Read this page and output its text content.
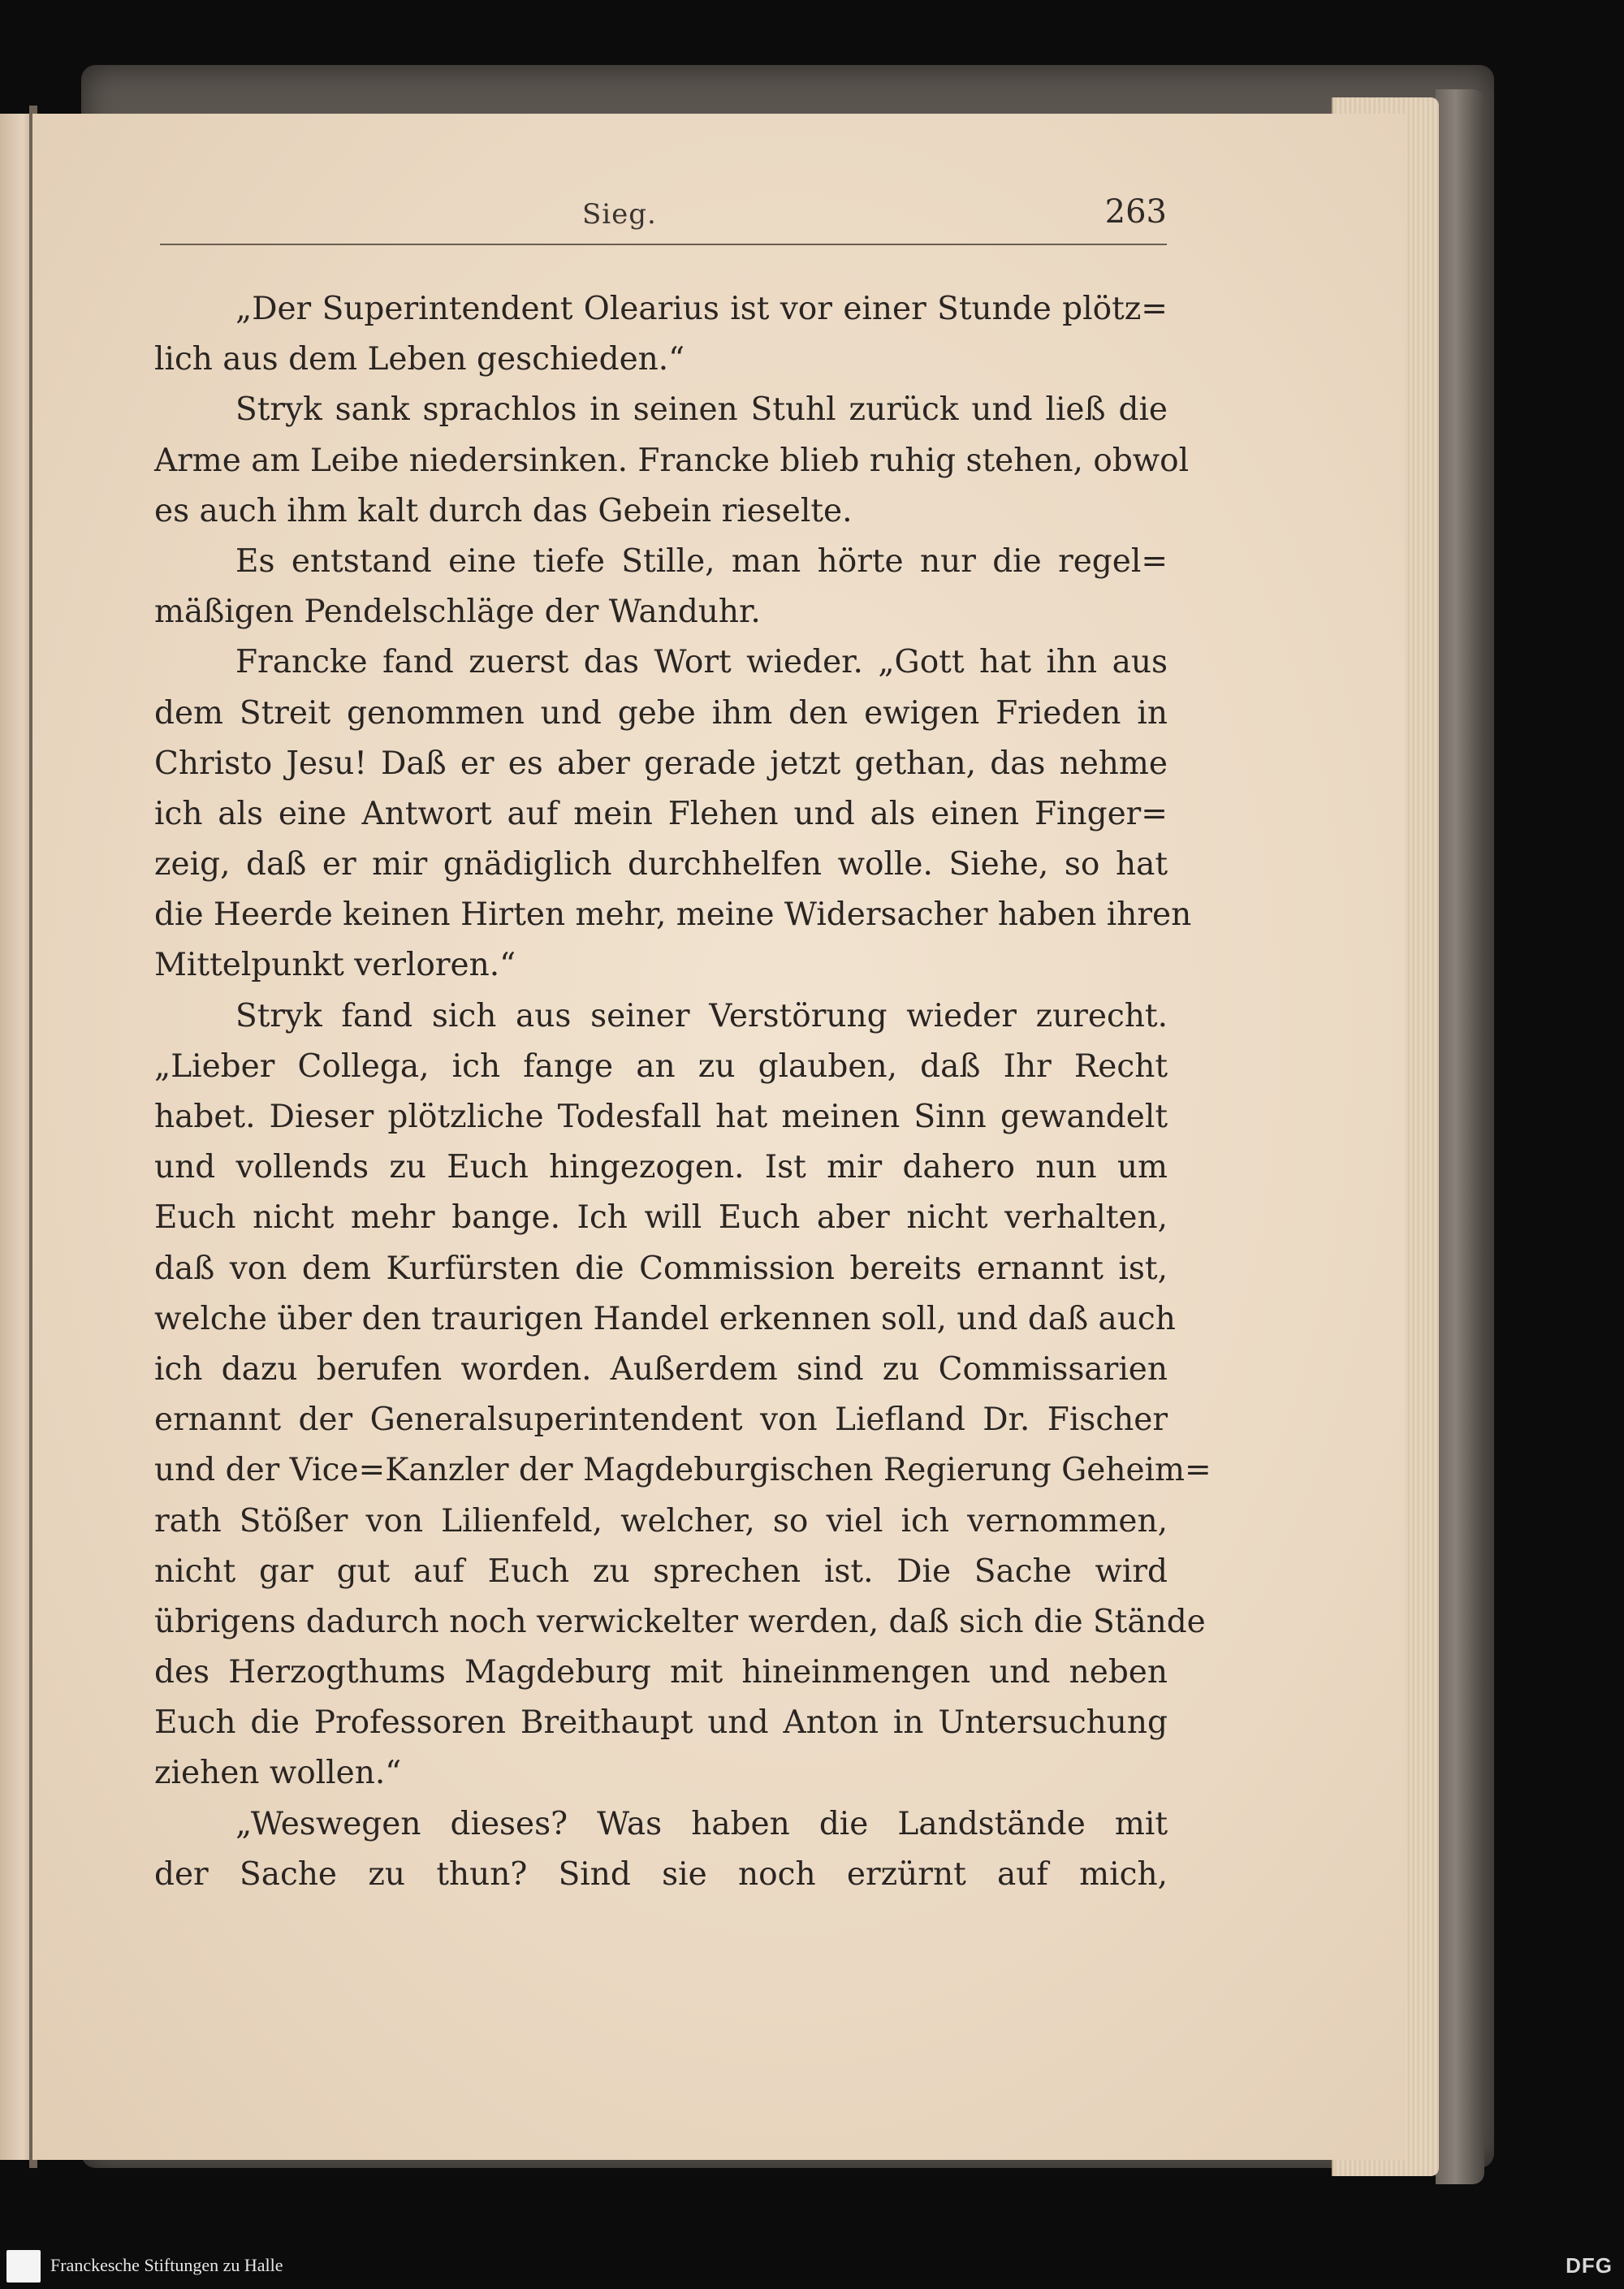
Sieg.	263
„Der Superintendent Olearius ist vor einer Stunde plötz=
lich aus dem Leben geschieden.“
Stryk sank sprachlos in seinen Stuhl zurück und ließ die
Arme am Leibe niedersinken. Francke blieb ruhig stehen, obwol
es auch ihm kalt durch das Gebein rieselte.
Es entstand eine tiefe Stille, man hörte nur die regel=
mäßigen Pendelschläge der Wanduhr.
Francke fand zuerst das Wort wieder. „Gott hat ihn aus
dem Streit genommen und gebe ihm den ewigen Frieden in
Christo Jesu! Daß er es aber gerade jetzt gethan, das nehme
ich als eine Antwort auf mein Flehen und als einen Finger=
zeig, daß er mir gnädiglich durchhelfen wolle. Siehe, so hat
die Heerde keinen Hirten mehr, meine Widersacher haben ihren
Mittelpunkt verloren.“
Stryk fand sich aus seiner Verstörung wieder zurecht.
„Lieber Collega, ich fange an zu glauben, daß Ihr Recht
habet. Dieser plötzliche Todesfall hat meinen Sinn gewandelt
und vollends zu Euch hingezogen. Ist mir dahero nun um
Euch nicht mehr bange. Ich will Euch aber nicht verhalten,
daß von dem Kurfürsten die Commission bereits ernannt ist,
welche über den traurigen Handel erkennen soll, und daß auch
ich dazu berufen worden. Außerdem sind zu Commissarien
ernannt der Generalsuperintendent von Liefland Dr. Fischer
und der Vice=Kanzler der Magdeburgischen Regierung Geheim=
rath Stößer von Lilienfeld, welcher, so viel ich vernommen,
nicht gar gut auf Euch zu sprechen ist. Die Sache wird
übrigens dadurch noch verwickelter werden, daß sich die Stände
des Herzogthums Magdeburg mit hineinmengen und neben
Euch die Professoren Breithaupt und Anton in Untersuchung
ziehen wollen.“
„Weswegen dieses? Was haben die Landstände mit
der Sache zu thun? Sind sie noch erzürnt auf mich,
Franckesche Stiftungen zu Halle	DFG
